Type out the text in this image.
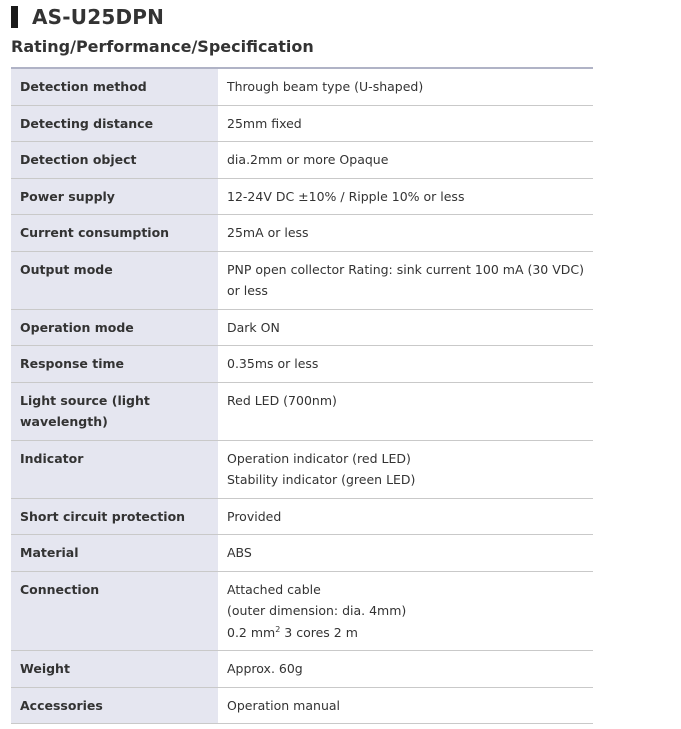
AS-U25DPN
Rating/Performance/Specification
Detection method	Through beam type (U-shaped)
Detecting distance	25mm fixed
Detection object	dia.2mm or more Opaque
Power supply	12-24V DC ±10% / Ripple 10% or less
Current consumption	25mA or less
Output mode	PNP open collector Rating: sink current 100 mA (30 VDC) or less
Operation mode	Dark ON
Response time	0.35ms or less
Light source (light wavelength)	Red LED (700nm)
Indicator	Operation indicator (red LED)
Stability indicator (green LED)

Short circuit protection	Provided
Material	ABS
Connection	Attached cable
(outer dimension: dia. 4mm)
0.2 $mm^2$ 3 cores 2 m

Weight	Approx. 60g
Accessories	Operation manual
